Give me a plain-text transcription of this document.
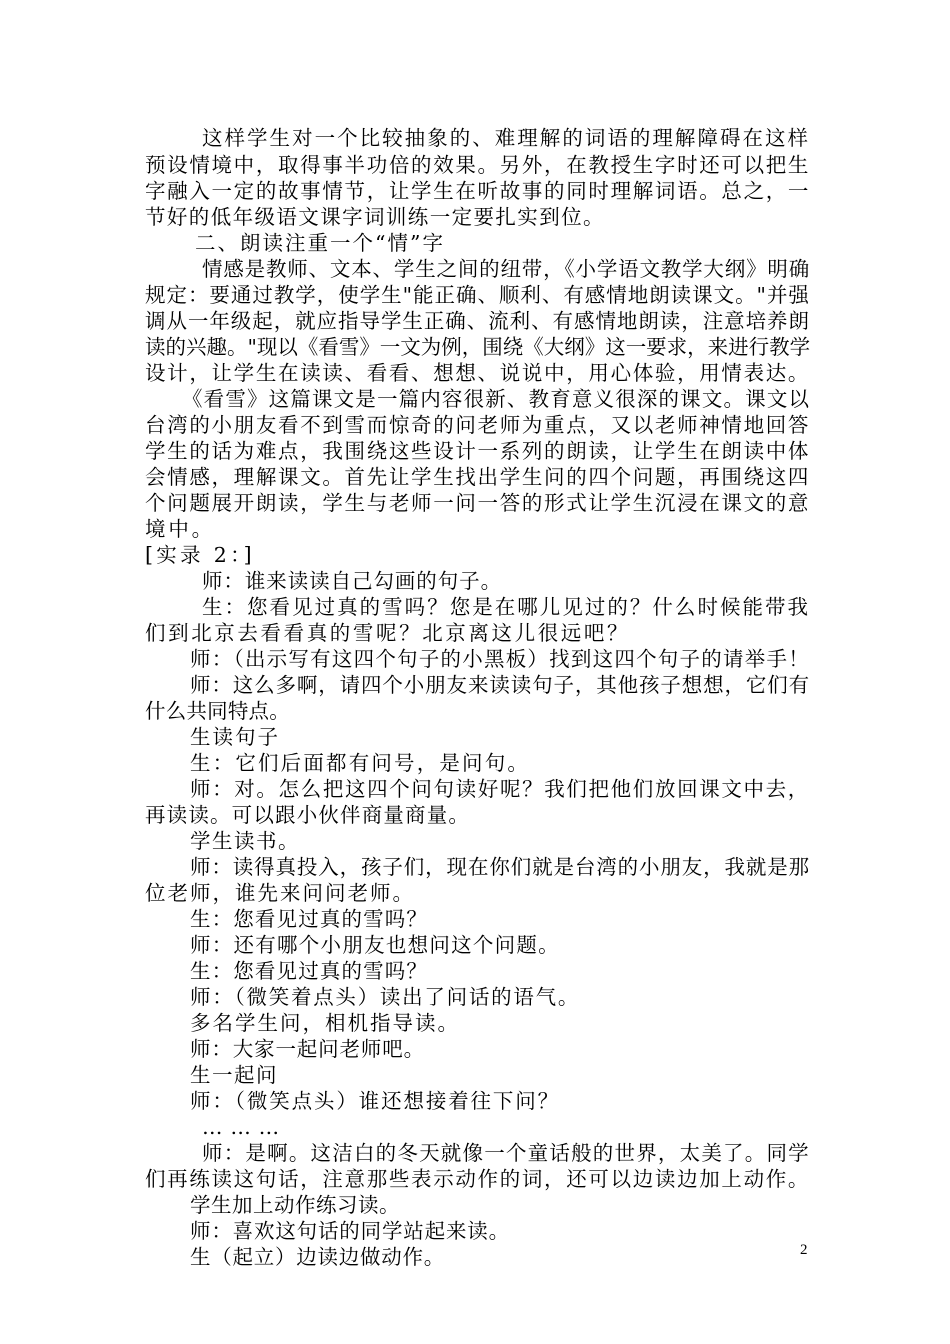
这样学生对一个比较抽象的、难理解的词语的理解障碍在这样
预设情境中，取得事半功倍的效果。另外，在教授生字时还可以把生
字融入一定的故事情节，让学生在听故事的同时理解词语。总之，一
节好的低年级语文课字词训练一定要扎实到位。
二、朗读注重一个“情”字
情感是教师、文本、学生之间的纽带，《小学语文教学大纲》明确
规定：要通过教学，使学生"能正确、顺利、有感情地朗读课文。"并强
调从一年级起，就应指导学生正确、流利、有感情地朗读，注意培养朗
读的兴趣。"现以《看雪》一文为例，围绕《大纲》这一要求，来进行教学
设计，让学生在读读、看看、想想、说说中，用心体验，用情表达。
《看雪》这篇课文是一篇内容很新、教育意义很深的课文。课文以
台湾的小朋友看不到雪而惊奇的问老师为重点，又以老师神情地回答
学生的话为难点，我围绕这些设计一系列的朗读，让学生在朗读中体
会情感，理解课文。首先让学生找出学生问的四个问题，再围绕这四
个问题展开朗读，学生与老师一问一答的形式让学生沉浸在课文的意
境中。
[实录 2：]
师：谁来读读自己勾画的句子。
生：您看见过真的雪吗？您是在哪儿见过的？什么时候能带我
们到北京去看看真的雪呢？北京离这儿很远吧？
师：（出示写有这四个句子的小黑板）找到这四个句子的请举手！
师：这么多啊，请四个小朋友来读读句子，其他孩子想想，它们有
什么共同特点。
生读句子
生：它们后面都有问号，是问句。
师：对。怎么把这四个问句读好呢？我们把他们放回课文中去，
再读读。可以跟小伙伴商量商量。
学生读书。
师：读得真投入，孩子们，现在你们就是台湾的小朋友，我就是那
位老师，谁先来问问老师。
生：您看见过真的雪吗？
师：还有哪个小朋友也想问这个问题。
生：您看见过真的雪吗？
师：（微笑着点头）读出了问话的语气。
多名学生问，相机指导读。
师：大家一起问老师吧。
生一起问
师：（微笑点头）谁还想接着往下问？
………
师：是啊。这洁白的冬天就像一个童话般的世界，太美了。同学
们再练读这句话，注意那些表示动作的词，还可以边读边加上动作。
学生加上动作练习读。
师：喜欢这句话的同学站起来读。
生（起立）边读边做动作。	2
